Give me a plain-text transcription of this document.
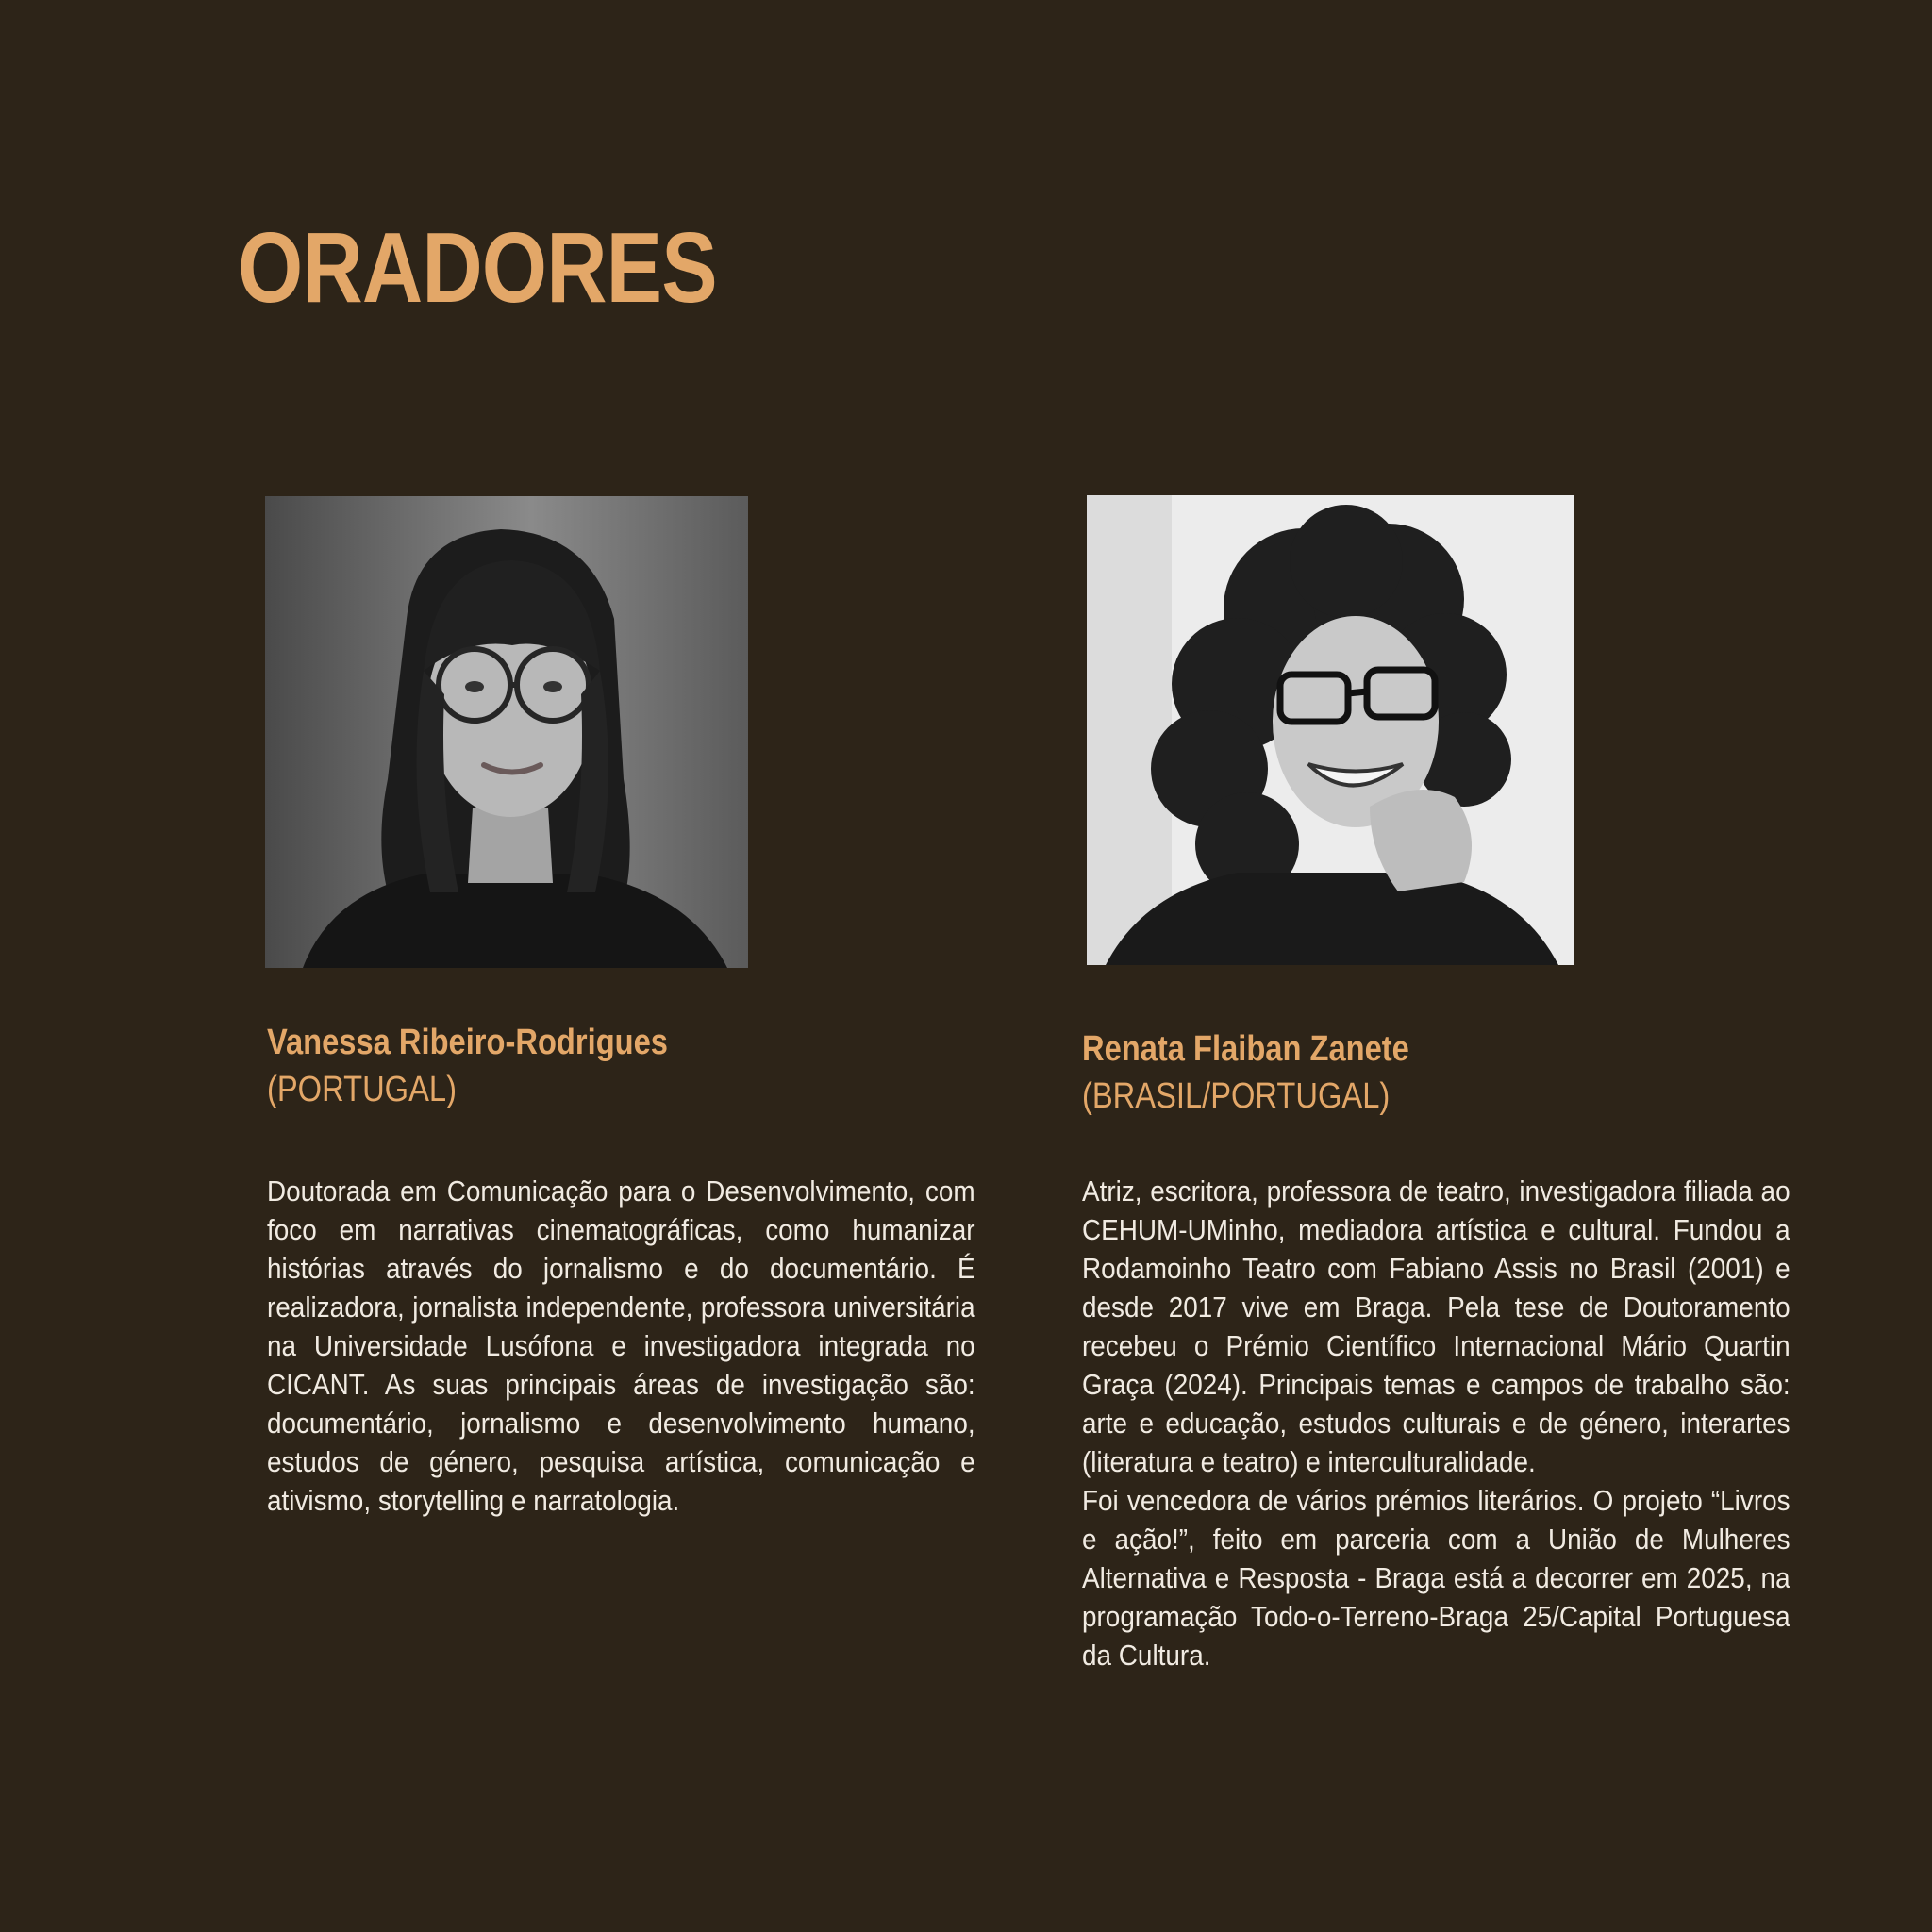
ORADORES
Vanessa Ribeiro-Rodrigues
(PORTUGAL)

Doutorada em Comunicação para o Desenvolvimento, com foco em narrativas cinematográficas, como humanizar histórias através do jornalismo e do documentário. É realizadora, jornalista independente, professora universitária na Universidade Lusófona e investigadora integrada no CICANT. As suas principais áreas de investigação são: documentário, jornalismo e desenvolvimento humano, estudos de género, pesquisa artística, comunicação e ativismo, storytelling e narratologia.

Renata Flaiban Zanete
(BRASIL/PORTUGAL)

Atriz, escritora, professora de teatro, investigadora filiada ao CEHUM-UMinho, mediadora artística e cultural. Fundou a Rodamoinho Teatro com Fabiano Assis no Brasil (2001) e desde 2017 vive em Braga. Pela tese de Doutoramento recebeu o Prémio Científico Internacional Mário Quartin Graça (2024). Principais temas e campos de trabalho são: arte e educação, estudos culturais e de género, interartes (literatura e teatro) e interculturalidade.

Foi vencedora de vários prémios literários. O projeto “Livros e ação!”, feito em parceria com a União de Mulheres Alternativa e Resposta - Braga está a decorrer em 2025, na programação Todo-o-Terreno-Braga 25/Capital Portuguesa da Cultura.
